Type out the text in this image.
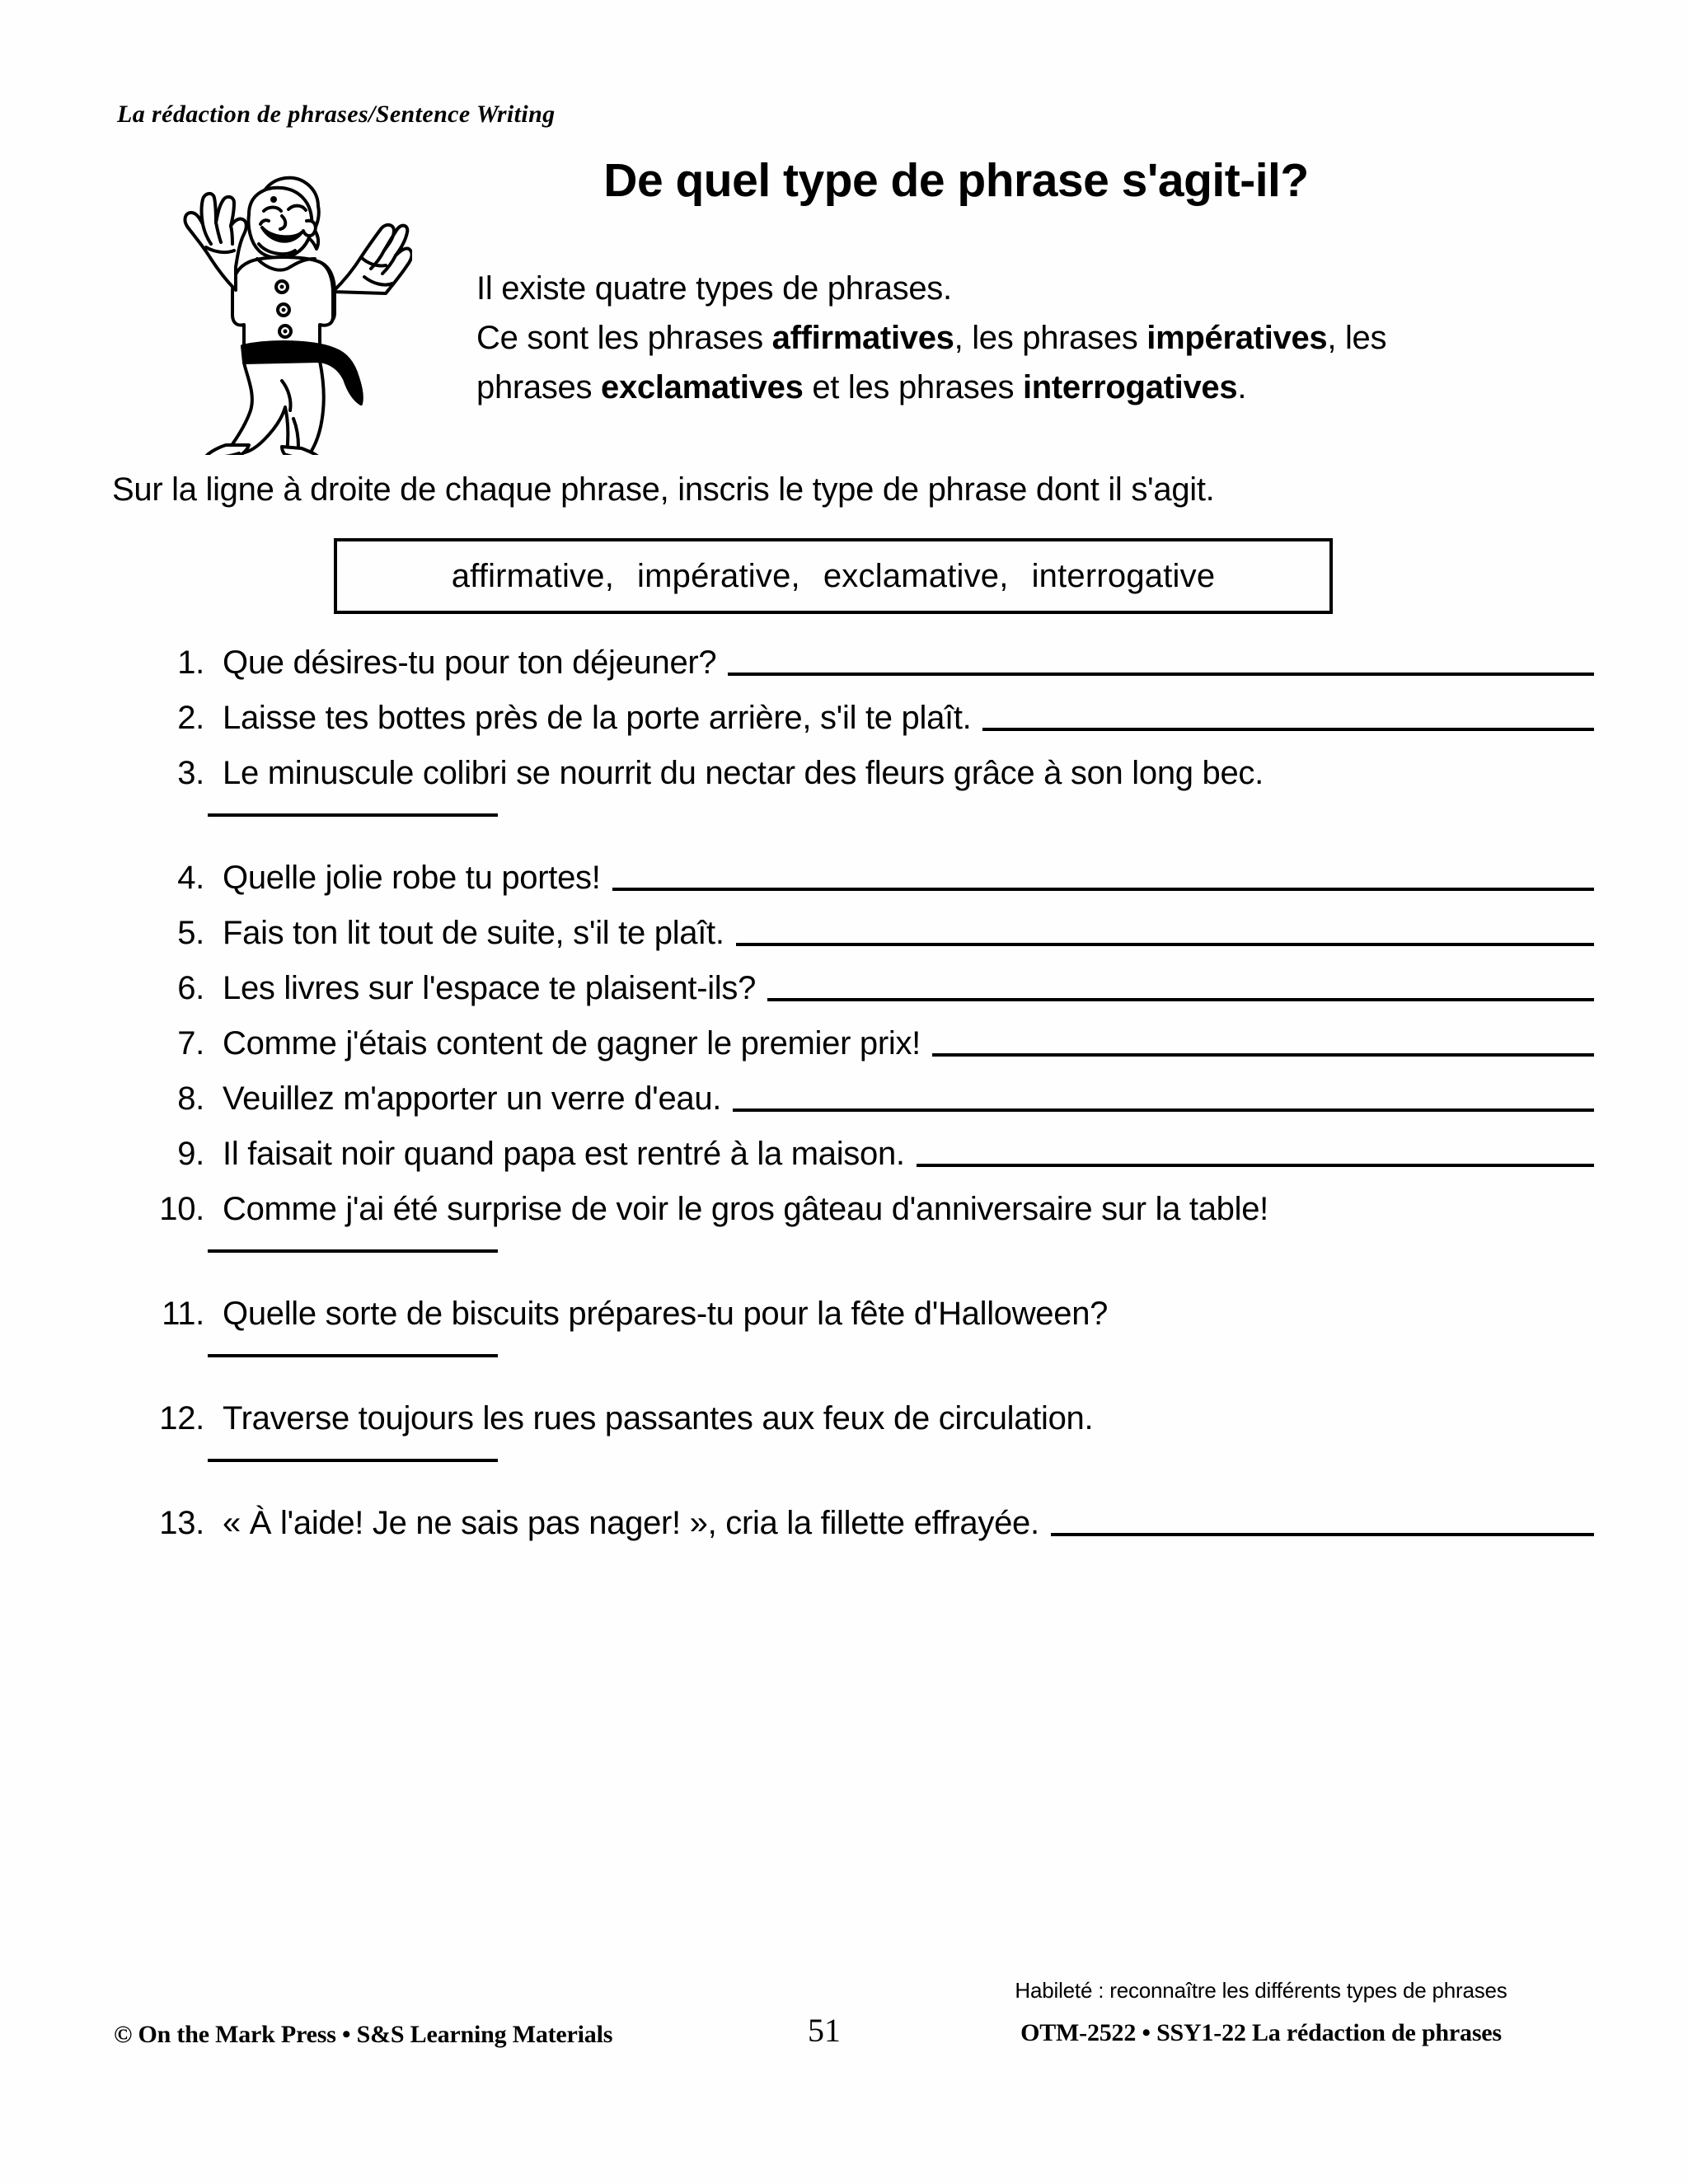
La rédaction de phrases/Sentence Writing
De quel type de phrase s'agit-il?
Il existe quatre types de phrases.
Ce sont les phrases affirmatives, les phrases impératives, les
phrases exclamatives et les phrases interrogatives.
Sur la ligne à droite de chaque phrase, inscris le type de phrase dont il s'agit.
affirmative, impérative, exclamative, interrogative
1. Que désires-tu pour ton déjeuner?
2. Laisse tes bottes près de la porte arrière, s'il te plaît.
3. Le minuscule colibri se nourrit du nectar des fleurs grâce à son long bec.
4. Quelle jolie robe tu portes!
5. Fais ton lit tout de suite, s'il te plaît.
6. Les livres sur l'espace te plaisent-ils?
7. Comme j'étais content de gagner le premier prix!
8. Veuillez m'apporter un verre d'eau.
9. Il faisait noir quand papa est rentré à la maison.
10. Comme j'ai été surprise de voir le gros gâteau d'anniversaire sur la table!
11. Quelle sorte de biscuits prépares-tu pour la fête d'Halloween?
12. Traverse toujours les rues passantes aux feux de circulation.
13. « À l'aide! Je ne sais pas nager! », cria la fillette effrayée.
Habileté : reconnaître les différents types de phrases
© On the Mark Press • S&S Learning Materials	51	OTM-2522 • SSY1-22 La rédaction de phrases
